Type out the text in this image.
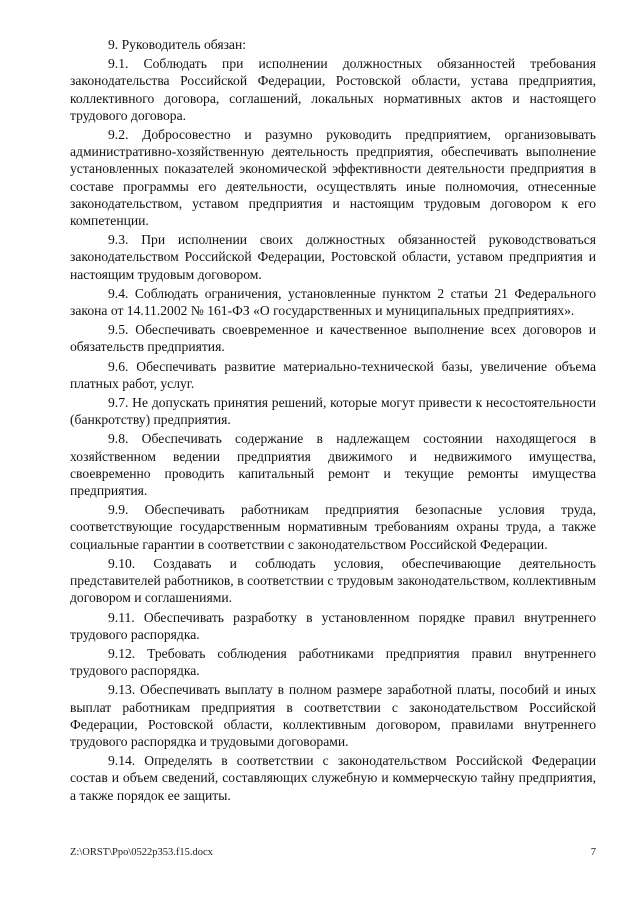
9. Руководитель обязан:

9.1. Соблюдать при исполнении должностных обязанностей требования законодательства Российской Федерации, Ростовской области, устава предприятия, коллективного договора, соглашений, локальных нормативных актов и настоящего трудового договора.

9.2. Добросовестно и разумно руководить предприятием, организовывать административно-хозяйственную деятельность предприятия, обеспечивать выполнение установленных показателей экономической эффективности деятельности предприятия в составе программы его деятельности, осуществлять иные полномочия, отнесенные законодательством, уставом предприятия и настоящим трудовым договором к его компетенции.

9.3. При исполнении своих должностных обязанностей руководствоваться законодательством Российской Федерации, Ростовской области, уставом предприятия и настоящим трудовым договором.

9.4. Соблюдать ограничения, установленные пунктом 2 статьи 21 Федерального закона от 14.11.2002 № 161-ФЗ «О государственных и муниципальных предприятиях».

9.5. Обеспечивать своевременное и качественное выполнение всех договоров и обязательств предприятия.

9.6. Обеспечивать развитие материально-технической базы, увеличение объема платных работ, услуг.

9.7. Не допускать принятия решений, которые могут привести к несостоятельности (банкротству) предприятия.

9.8. Обеспечивать содержание в надлежащем состоянии находящегося в хозяйственном ведении предприятия движимого и недвижимого имущества, своевременно проводить капитальный ремонт и текущие ремонты имущества предприятия.

9.9. Обеспечивать работникам предприятия безопасные условия труда, соответствующие государственным нормативным требованиям охраны труда, а также социальные гарантии в соответствии с законодательством Российской Федерации.

9.10. Создавать и соблюдать условия, обеспечивающие деятельность представителей работников, в соответствии с трудовым законодательством, коллективным договором и соглашениями.

9.11. Обеспечивать разработку в установленном порядке правил внутреннего трудового распорядка.

9.12. Требовать соблюдения работниками предприятия правил внутреннего трудового распорядка.

9.13. Обеспечивать выплату в полном размере заработной платы, пособий и иных выплат работникам предприятия в соответствии с законодательством Российской Федерации, Ростовской области, коллективным договором, правилами внутреннего трудового распорядка и трудовыми договорами.

9.14. Определять в соответствии с законодательством Российской Федерации состав и объем сведений, составляющих служебную и коммерческую тайну предприятия, а также порядок ее защиты.

Z:\ORST\Ppo\0522p353.f15.docx	7
